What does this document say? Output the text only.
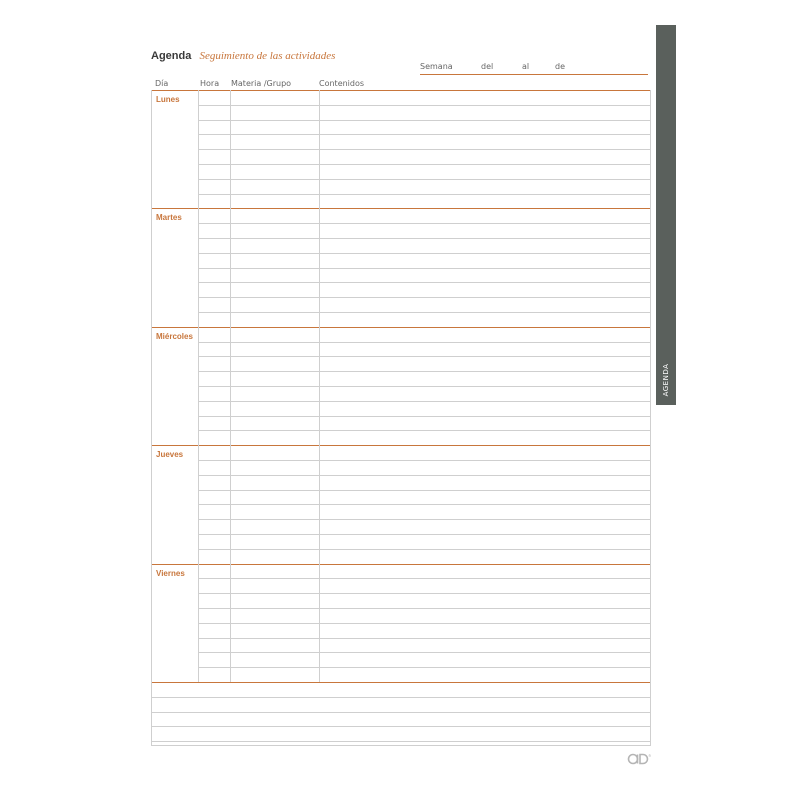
Agenda Seguimiento de las actividades
Semana	del	al	de
Día	Hora Materia /Grupo	Contenidos
Lunes
Martes
Miércoles
Jueves
Viernes
AGENDA
®
